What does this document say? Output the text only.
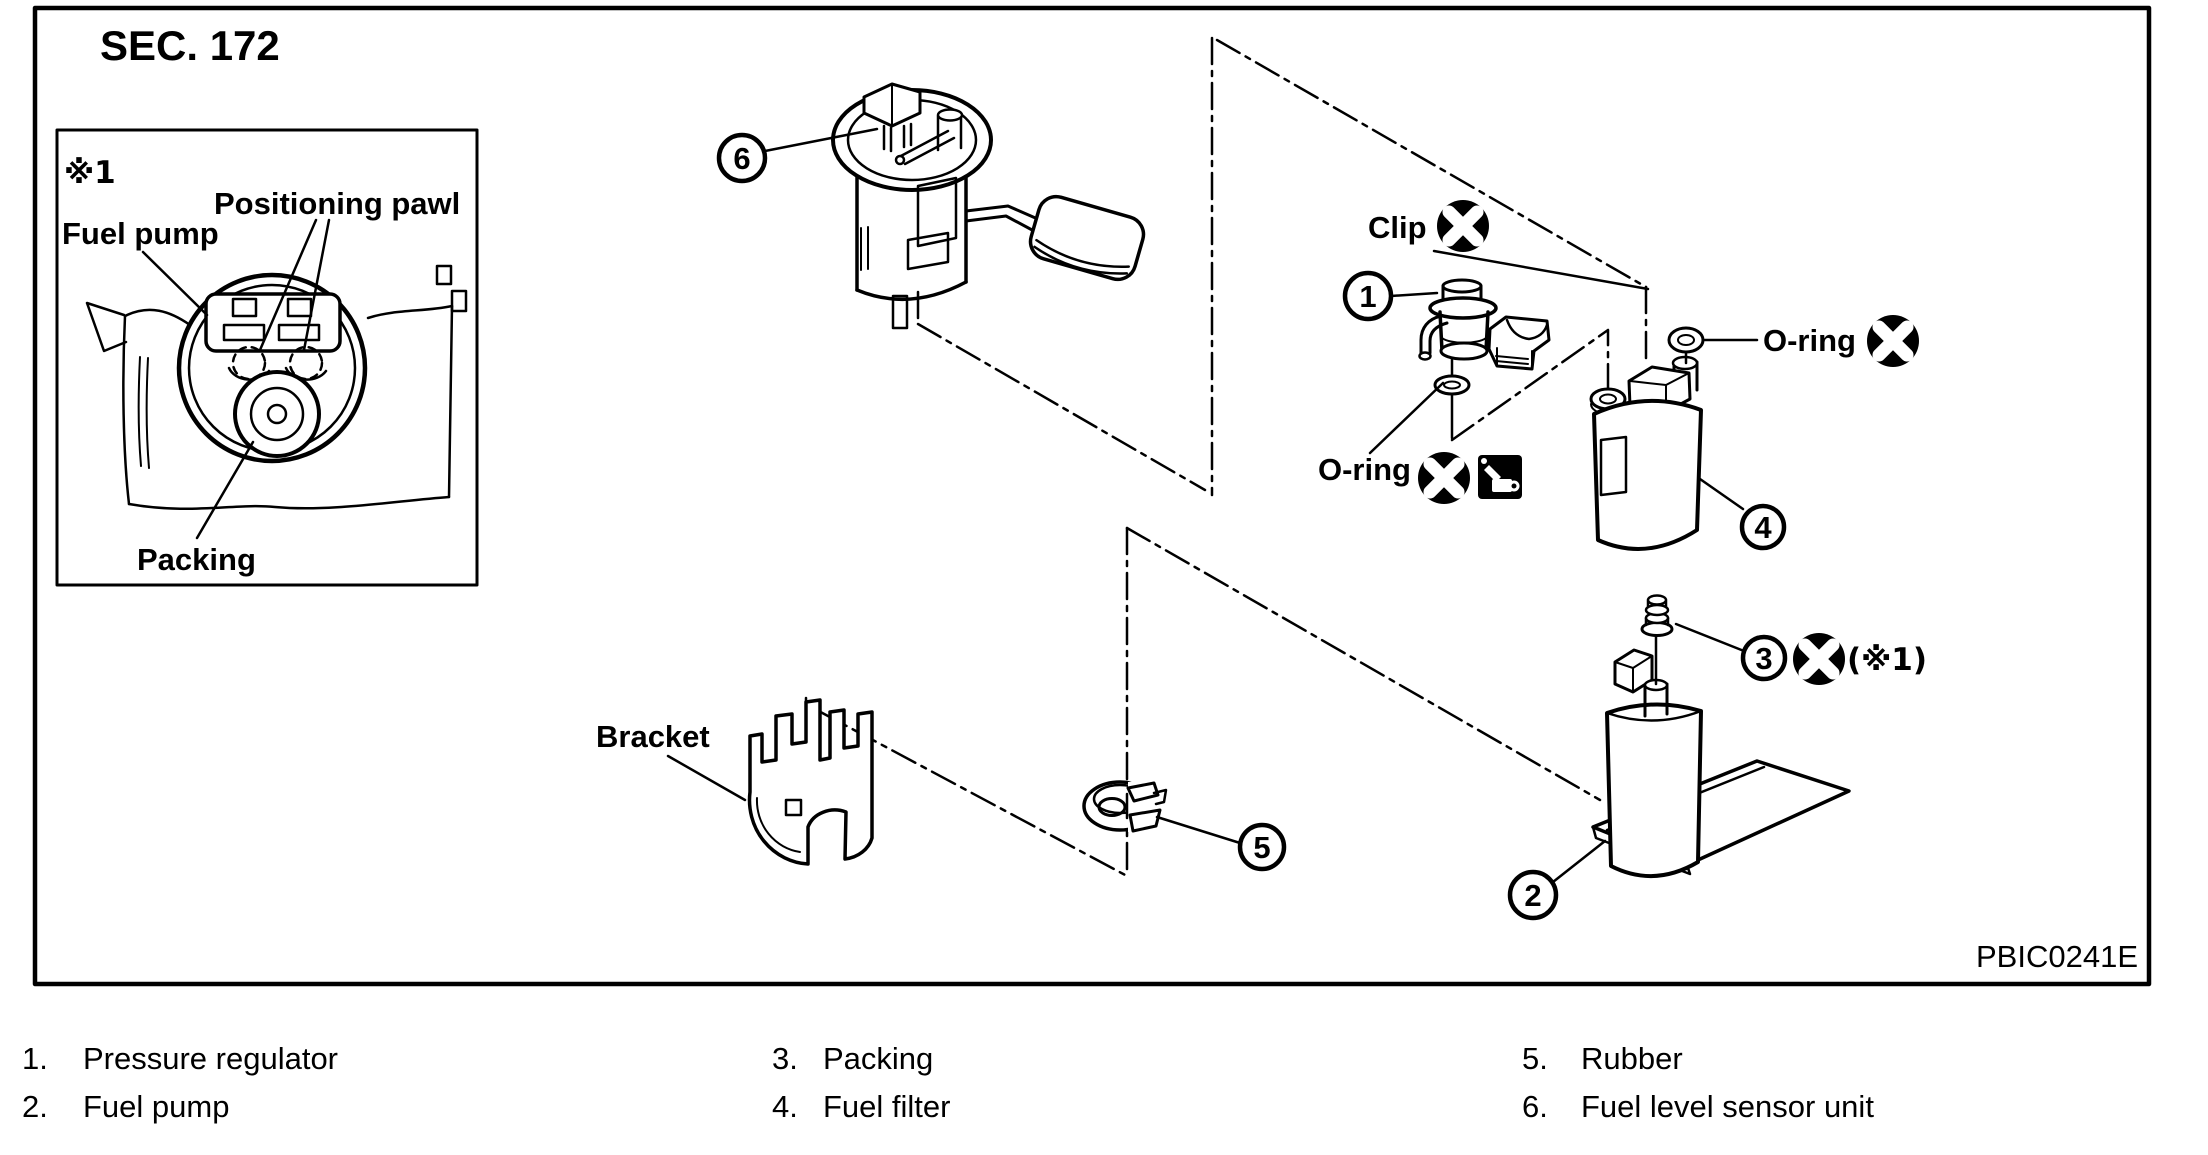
SEC. 172
※1
Positioning pawl
Fuel pump
Packing
Clip
O-ring
O-ring
(※1)
Bracket
1
2
3
4
5
6
PBIC0241E
1. Pressure regulator
2. Fuel pump
3. Packing
4. Fuel filter
5. Rubber
6. Fuel level sensor unit
